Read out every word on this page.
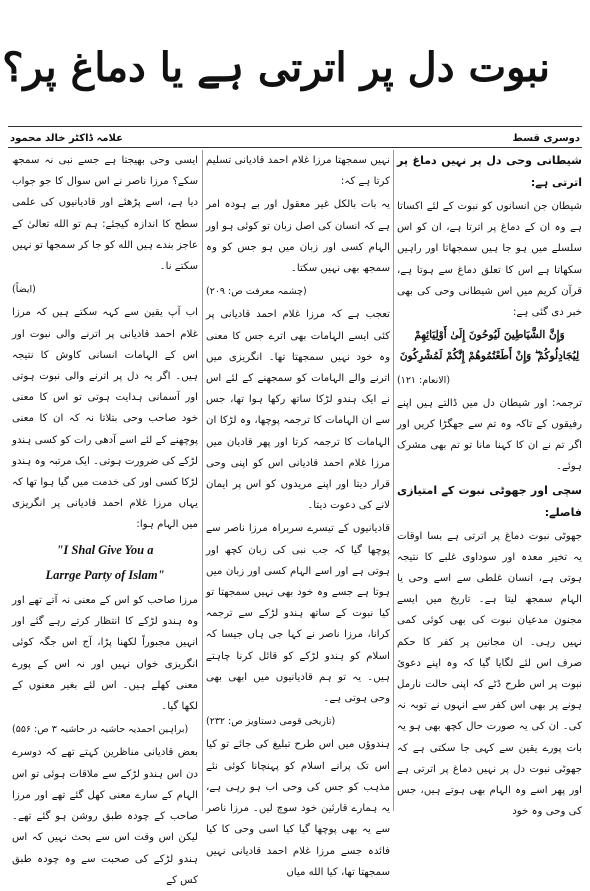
نبوت دل پر اترتی ہے یا دماغ پر؟
علامہ ڈاکٹر خالد محمود	دوسری قسط
شیطانی وحی دل پر نہیں دماغ پر اترتی ہے:

شیطان جن انسانوں کو نبوت کے لئے اکساتا ہے وہ ان کے دماغ پر اترتا ہے، ان کو اس سلسلے میں ہو جا ہیں سمجھاتا اور راہیں سکھاتا ہے اس کا تعلق دماغ سے ہوتا ہے، قرآن کریم میں اس شیطانی وحی کی بھی خبر دی گئی ہے:

وَإِنَّ الشَّيَاطِينَ لَيُوحُونَ إِلَىٰ أَوْلِيَائِهِمْ لِيُجَادِلُوكُمْ ۖ وَإِنْ أَطَعْتُمُوهُمْ إِنَّكُمْ لَمُشْرِكُونَ

(الانعام: ۱۲۱)

ترجمہ: اور شیطان دل میں ڈالتے ہیں اپنے رفیقوں کے تاکہ وہ تم سے جھگڑا کریں اور اگر تم نے ان کا کہنا مانا تو تم بھی مشرک ہوئے۔

سچی اور جھوٹی نبوت کے امتیازی فاصلے:

جھوٹی نبوت دماغ پر اترتی ہے بسا اوقات یہ تخیر معدہ اور سوداوی غلبے کا نتیجہ ہوتی ہے، انسان غلطی سے اسے وحی یا الہام سمجھ لیتا ہے۔ تاریخ میں ایسے مجنون مدعیان نبوت کی بھی کوئی کمی نہیں رہی۔ ان مجانین پر کفر کا حکم صرف اس لئے لگایا گیا کہ وہ اپنے دعوئ نبوت پر اس طرح ڈٹے کہ اپنی حالت نارمل ہونے پر بھی اس کفر سے انہوں نے توبہ نہ کی۔ ان کی یہ صورت حال کچھ بھی ہو یہ بات پورے یقین سے کہی جا سکتی ہے کہ جھوٹی نبوت دل پر نہیں دماغ پر اترتی ہے اور پھر اسے وہ الہام بھی ہوتے ہیں، جس کی وحی وہ خود

نہیں سمجھتا مرزا غلام احمد قادیانی تسلیم کرتا ہے کہ:

یہ بات بالکل غیر معقول اور بے ہودہ امر ہے کہ انسان کی اصل زبان تو کوئی ہو اور الہام کسی اور زبان میں ہو جس کو وہ سمجھ بھی نہیں سکتا۔

(چشمہ معرفت ص: ۲۰۹)

تعجب ہے کہ مرزا غلام احمد قادیانی پر کئی ایسے الہامات بھی اترے جس کا معنی وہ خود نہیں سمجھتا تھا۔ انگریزی میں اترنے والے الہامات کو سمجھنے کے لئے اس نے ایک ہندو لڑکا ساتھ رکھا ہوا تھا، جس سے ان الہامات کا ترجمہ پوچھا، وہ لڑکا ان الہامات کا ترجمہ کرتا اور پھر قادیان میں مرزا غلام احمد قادیانی اس کو اپنی وحی قرار دیتا اور اپنے مریدوں کو اس پر ایمان لانے کی دعوت دیتا۔

قادیانیوں کے تیسرے سربراہ مرزا ناصر سے پوچھا گیا کہ جب نبی کی زبان کچھ اور ہوتی ہے اور اسے الہام کسی اور زبان میں ہوتا ہے جسے وہ خود بھی نہیں سمجھتا تو کیا نبوت کے ساتھ ہندو لڑکے سے ترجمہ کرانا، مرزا ناصر نے کہا جی ہاں جیسا کہ اسلام کو ہندو لڑکے کو قائل کرنا چاہتے ہیں۔ یہ تو ہم قادیانیوں میں ابھی بھی وحی ہوتی ہے۔

(تاریخی قومی دستاویز ص: ۲۳۲)

ہندوؤں میں اس طرح تبلیغ کی جائے تو کیا اس تک پرانے اسلام کو پہنچانا کوئی نئے مذہب کو جس کی وحی اب ہو رہی ہے، یہ ہمارے قارئین خود سوچ لیں۔ مرزا ناصر سے یہ بھی پوچھا گیا کیا اسی وحی کا کیا فائدہ جسے مرزا غلام احمد قادیانی نہیں سمجھتا تھا، کیا الله میاں

ایسی وحی بھیجتا ہے جسے نبی نہ سمجھ سکے؟ مرزا ناصر نے اس سوال کا جو جواب دیا ہے، اسے پڑھئے اور قادیانیوں کی علمی سطح کا اندازہ کیجئے: ہم تو الله تعالیٰ کے عاجز بندے ہیں الله کو جا کر سمجھا تو نہیں سکتے نا۔

(ایضاً)

اب آپ یقین سے کہہ سکتے ہیں کہ مرزا غلام احمد قادیانی پر اترنے والی نبوت اور اس کے الہامات انسانی کاوش کا نتیجہ ہیں۔ اگر یہ دل پر اترنے والی نبوت ہوتی اور آسمانی ہدایت ہوتی تو اس کا معنی خود صاحب وحی بتلاتا نہ کہ ان کا معنی پوچھنے کے لئے اسے آدھی رات کو کسی ہندو لڑکے کی ضرورت ہوتی۔ ایک مرتبہ وہ ہندو لڑکا کسی اور کی خدمت میں گیا ہوا تھا کہ یہاں مرزا غلام احمد قادیانی پر انگریزی میں الہام ہوا:

"I Shal Give You a

Larrge Party of Islam"

مرزا صاحب کو اس کے معنی نہ آتے تھے اور وہ ہندو لڑکے کا انتظار کرتے رہے گئے اور انہیں مجبوراً لکھنا پڑا، آج اس جگہ کوئی انگریزی خواں نہیں اور نہ اس کے پورے معنی کھلے ہیں۔ اس لئے بغیر معنوں کے لکھا گیا۔

(براہین احمدیہ حاشیہ در حاشیہ ۳ ص: ۵۵۶)

بعض قادیانی مناظرین کہتے تھے کہ دوسرے دن اس ہندو لڑکے سے ملاقات ہوئی تو اس الہام کے سارے معنی کھل گئے تھے اور مرزا صاحب کے چودہ طبق روشن ہو گئے تھے۔ لیکن اس وقت اس سے بحث نہیں کہ اس ہندو لڑکے کی صحبت سے وہ چودہ طبق کس کے
